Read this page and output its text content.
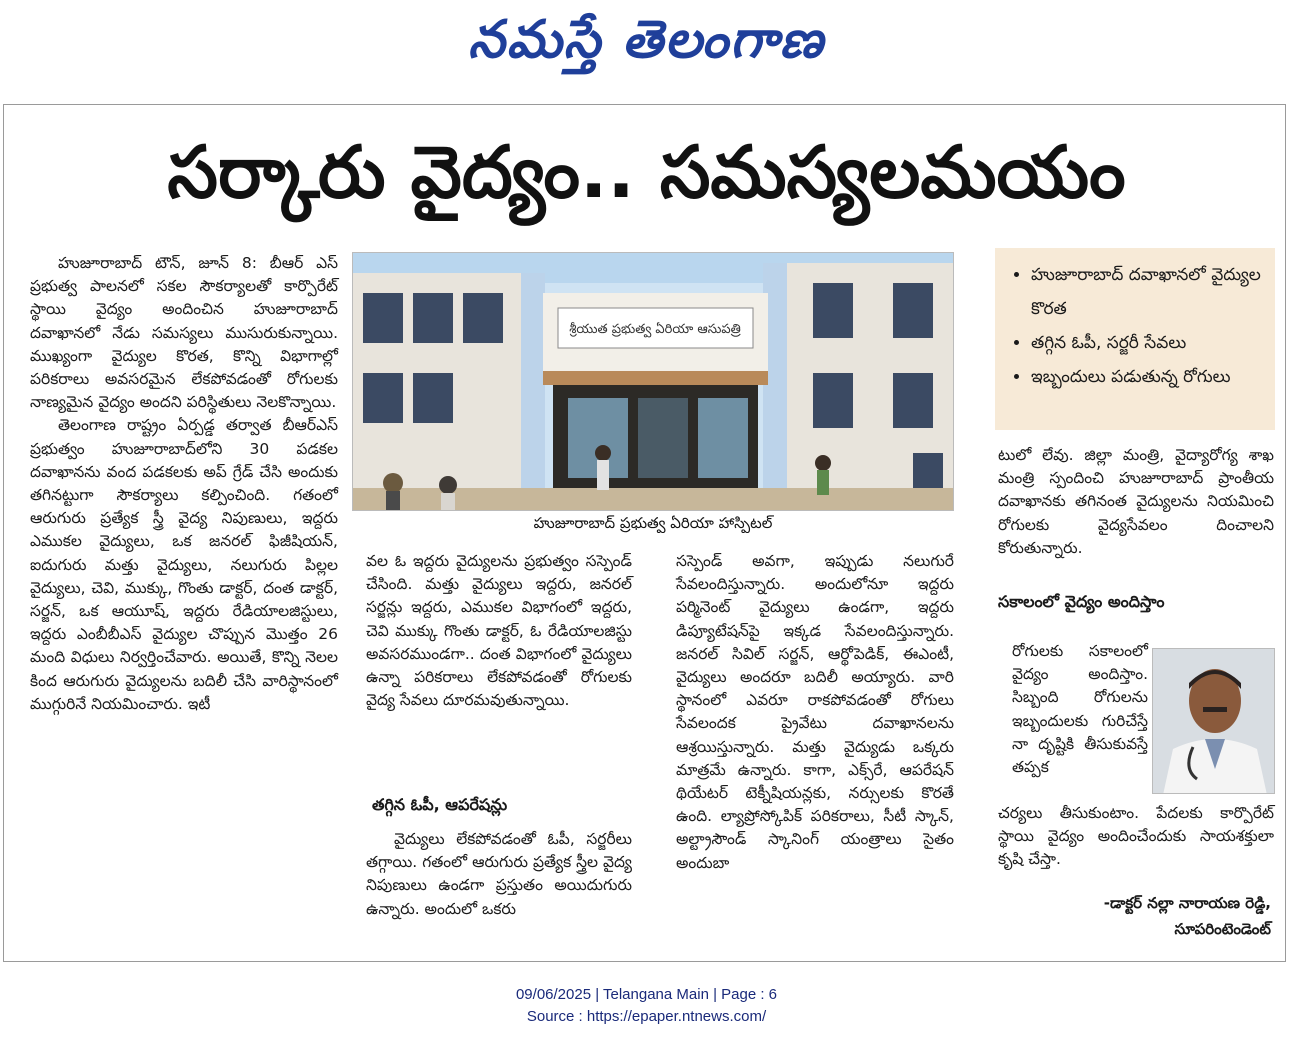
నమస్తే తెలంగాణ
సర్కారు వైద్యం.. సమస్యలమయం

హుజూరాబాద్ టౌన్, జూన్ 8: బీఆర్ ఎస్ ప్రభుత్వ పాలనలో సకల సౌకర్యాలతో కార్పొరేట్ స్థాయి వైద్యం అందించిన హుజూరాబాద్ దవాఖానలో నేడు సమస్యలు ముసురుకున్నాయి. ముఖ్యంగా వైద్యుల కొరత, కొన్ని విభాగాల్లో పరికరాలు అవసరమైన లేకపోవడంతో రోగులకు నాణ్యమైన వైద్యం అందని పరిస్థితులు నెలకొన్నాయి.

తెలంగాణ రాష్ట్రం ఏర్పడ్డ తర్వాత బీఆర్ఎస్ ప్రభుత్వం హుజూరాబాద్‌లోని 30 పడకల దవాఖానను వంద పడకలకు అప్ గ్రేడ్ చేసి అందుకు తగినట్టుగా సౌకర్యాలు కల్పించింది. గతంలో ఆరుగురు ప్రత్యేక స్త్రీ వైద్య నిపుణులు, ఇద్దరు ఎముకల వైద్యులు, ఒక జనరల్ ఫిజీషియన్, ఐదుగురు మత్తు వైద్యులు, నలుగురు పిల్లల వైద్యులు, చెవి, ముక్కు, గొంతు డాక్టర్, దంత డాక్టర్, సర్జన్, ఒక ఆయూష్, ఇద్దరు రేడియాలజిస్టులు, ఇద్దరు ఎంబీబీఎస్ వైద్యుల చొప్పున మొత్తం 26 మంది విధులు నిర్వర్తించేవారు. అయితే, కొన్ని నెలల కింద ఆరుగురు వైద్యులను బదిలీ చేసి వారిస్థానంలో ముగ్గురినే నియమించారు. ఇటీ

శ్రీయుత ప్రభుత్వ ఏరియా ఆసుపత్రి
హుజూరాబాద్ ప్రభుత్వ ఏరియా హాస్పిటల్

వల ఓ ఇద్దరు వైద్యులను ప్రభుత్వం సస్పెండ్ చేసింది. మత్తు వైద్యులు ఇద్దరు, జనరల్ సర్జన్లు ఇద్దరు, ఎముకల విభాగంలో ఇద్దరు, చెవి ముక్కు గొంతు డాక్టర్, ఓ రేడియాలజిస్టు అవసరముండగా.. దంత విభాగంలో వైద్యులు ఉన్నా పరికరాలు లేకపోవడంతో రోగులకు వైద్య సేవలు దూరమవుతున్నాయి.

తగ్గిన ఓపీ, ఆపరేషన్లు

వైద్యులు లేకపోవడంతో ఓపీ, సర్జరీలు తగ్గాయి. గతంలో ఆరుగురు ప్రత్యేక స్త్రీల వైద్య నిపుణులు ఉండగా ప్రస్తుతం అయిదుగురు ఉన్నారు. అందులో ఒకరు

సస్పెండ్ అవగా, ఇప్పుడు నలుగురే సేవలందిస్తున్నారు. అందులోనూ ఇద్దరు పర్మినెంట్ వైద్యులు ఉండగా, ఇద్దరు డిప్యూటేషన్‌పై ఇక్కడ సేవలందిస్తున్నారు. జనరల్ సివిల్ సర్జన్, ఆర్థోపెడిక్, ఈఎంటీ, వైద్యులు అందరూ బదిలీ అయ్యారు. వారి స్థానంలో ఎవరూ రాకపోవడంతో రోగులు సేవలందక ప్రైవేటు దవాఖానలను ఆశ్రయిస్తున్నారు. మత్తు వైద్యుడు ఒక్కరు మాత్రమే ఉన్నారు. కాగా, ఎక్స్‌రే, ఆపరేషన్ థియేటర్ టెక్నీషియన్లకు, నర్సులకు కొరతే ఉంది. ల్యాప్రోస్కోపిక్ పరికరాలు, సీటీ స్కాన్, అల్ట్రాసౌండ్ స్కానింగ్ యంత్రాలు సైతం అందుబా

• హుజూరాబాద్ దవాఖానలో వైద్యుల కొరత
• తగ్గిన ఓపీ, సర్జరీ సేవలు
• ఇబ్బందులు పడుతున్న రోగులు

టులో లేవు. జిల్లా మంత్రి, వైద్యారోగ్య శాఖ మంత్రి స్పందించి హుజూరాబాద్ ప్రాంతీయ దవాఖానకు తగినంత వైద్యులను నియమించి రోగులకు వైద్యసేవలం దించాలని కోరుతున్నారు.

సకాలంలో వైద్యం అందిస్తాం

రోగులకు సకాలంలో వైద్యం అందిస్తాం. సిబ్బంది రోగులను ఇబ్బందులకు గురిచేస్తే నా దృష్టికి తీసుకువస్తే తప్పక

చర్యలు తీసుకుంటాం. పేదలకు కార్పొరేట్ స్థాయి వైద్యం అందించేందుకు సాయశక్తులా కృషి చేస్తా.

-డాక్టర్ నల్లా నారాయణ రెడ్డి,
సూపరింటెండెంట్
09/06/2025 | Telangana Main | Page : 6
Source : https://epaper.ntnews.com/
